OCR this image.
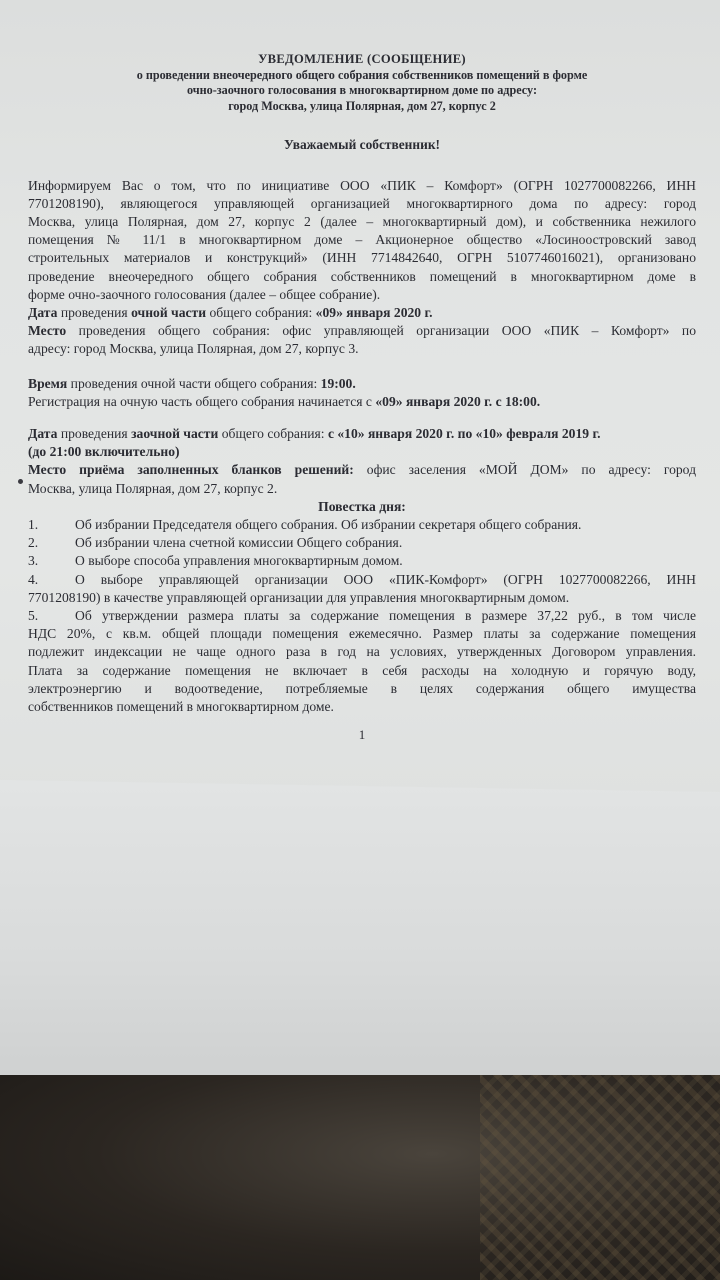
УВЕДОМЛЕНИЕ (СООБЩЕНИЕ)
о проведении внеочередного общего собрания собственников помещений в форме
очно-заочного голосования в многоквартирном доме по адресу:
город Москва, улица Полярная, дом 27, корпус 2
Уважаемый собственник!
Информируем Вас о том, что по инициативе ООО «ПИК – Комфорт» (ОГРН 1027700082266, ИНН
7701208190), являющегося управляющей организацией многоквартирного дома по адресу: город
Москва, улица Полярная, дом 27, корпус 2 (далее – многоквартирный дом), и собственника нежилого
помещения № 11/1 в многоквартирном доме – Акционерное общество «Лосиноостровский завод
строительных материалов и конструкций» (ИНН 7714842640, ОГРН 5107746016021), организовано
проведение внеочередного общего собрания собственников помещений в многоквартирном доме в
форме очно-заочного голосования (далее – общее собрание).
Дата проведения очной части общего собрания: «09» января 2020 г.
Место проведения общего собрания: офис управляющей организации ООО «ПИК – Комфорт» по
адресу: город Москва, улица Полярная, дом 27, корпус 3.
Время проведения очной части общего собрания: 19:00.
Регистрация на очную часть общего собрания начинается с «09» января 2020 г. с 18:00.
Дата проведения заочной части общего собрания: с «10» января 2020 г. по «10» февраля 2019 г.
(до 21:00 включительно)
Место приёма заполненных бланков решений: офис заселения «МОЙ ДОМ» по адресу: город
Москва, улица Полярная, дом 27, корпус 2.
Повестка дня:
1.	Об избрании Председателя общего собрания. Об избрании секретаря общего собрания.
2.	Об избрании члена счетной комиссии Общего собрания.
3.	О выборе способа управления многоквартирным домом.
4.	О выборе управляющей организации ООО «ПИК-Комфорт» (ОГРН 1027700082266, ИНН
7701208190) в качестве управляющей организации для управления многоквартирным домом.
5.	Об утверждении размера платы за содержание помещения в размере 37,22 руб., в том числе
НДС 20%, с кв.м. общей площади помещения ежемесячно. Размер платы за содержание помещения
подлежит индексации не чаще одного раза в год на условиях, утвержденных Договором управления.
Плата за содержание помещения не включает в себя расходы на холодную и горячую воду,
электроэнергию и водоотведение, потребляемые в целях содержания общего имущества
собственников помещений в многоквартирном доме.
1
